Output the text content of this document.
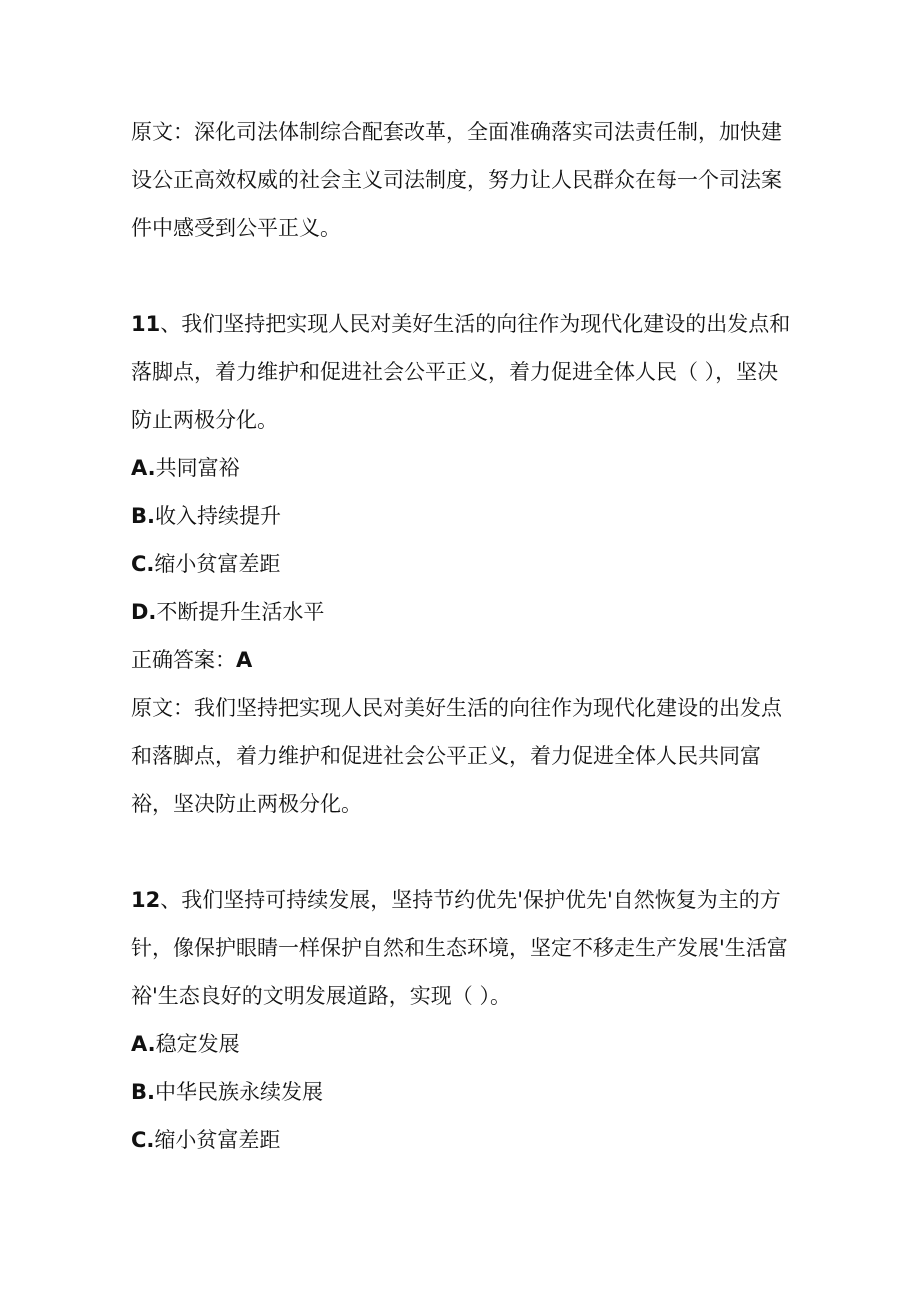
原文：深化司法体制综合配套改革，全面准确落实司法责任制，加快建设公正高效权威的社会主义司法制度，努力让人民群众在每一个司法案件中感受到公平正义。

11、我们坚持把实现人民对美好生活的向往作为现代化建设的出发点和落脚点，着力维护和促进社会公平正义，着力促进全体人民（ ），坚决防止两极分化。

A.共同富裕
B.收入持续提升
C.缩小贫富差距
D.不断提升生活水平
正确答案：A

原文：我们坚持把实现人民对美好生活的向往作为现代化建设的出发点和落脚点，着力维护和促进社会公平正义，着力促进全体人民共同富裕，坚决防止两极分化。

12、我们坚持可持续发展，坚持节约优先'保护优先'自然恢复为主的方针，像保护眼睛一样保护自然和生态环境，坚定不移走生产发展'生活富裕'生态良好的文明发展道路，实现（ ）。

A.稳定发展
B.中华民族永续发展
C.缩小贫富差距
